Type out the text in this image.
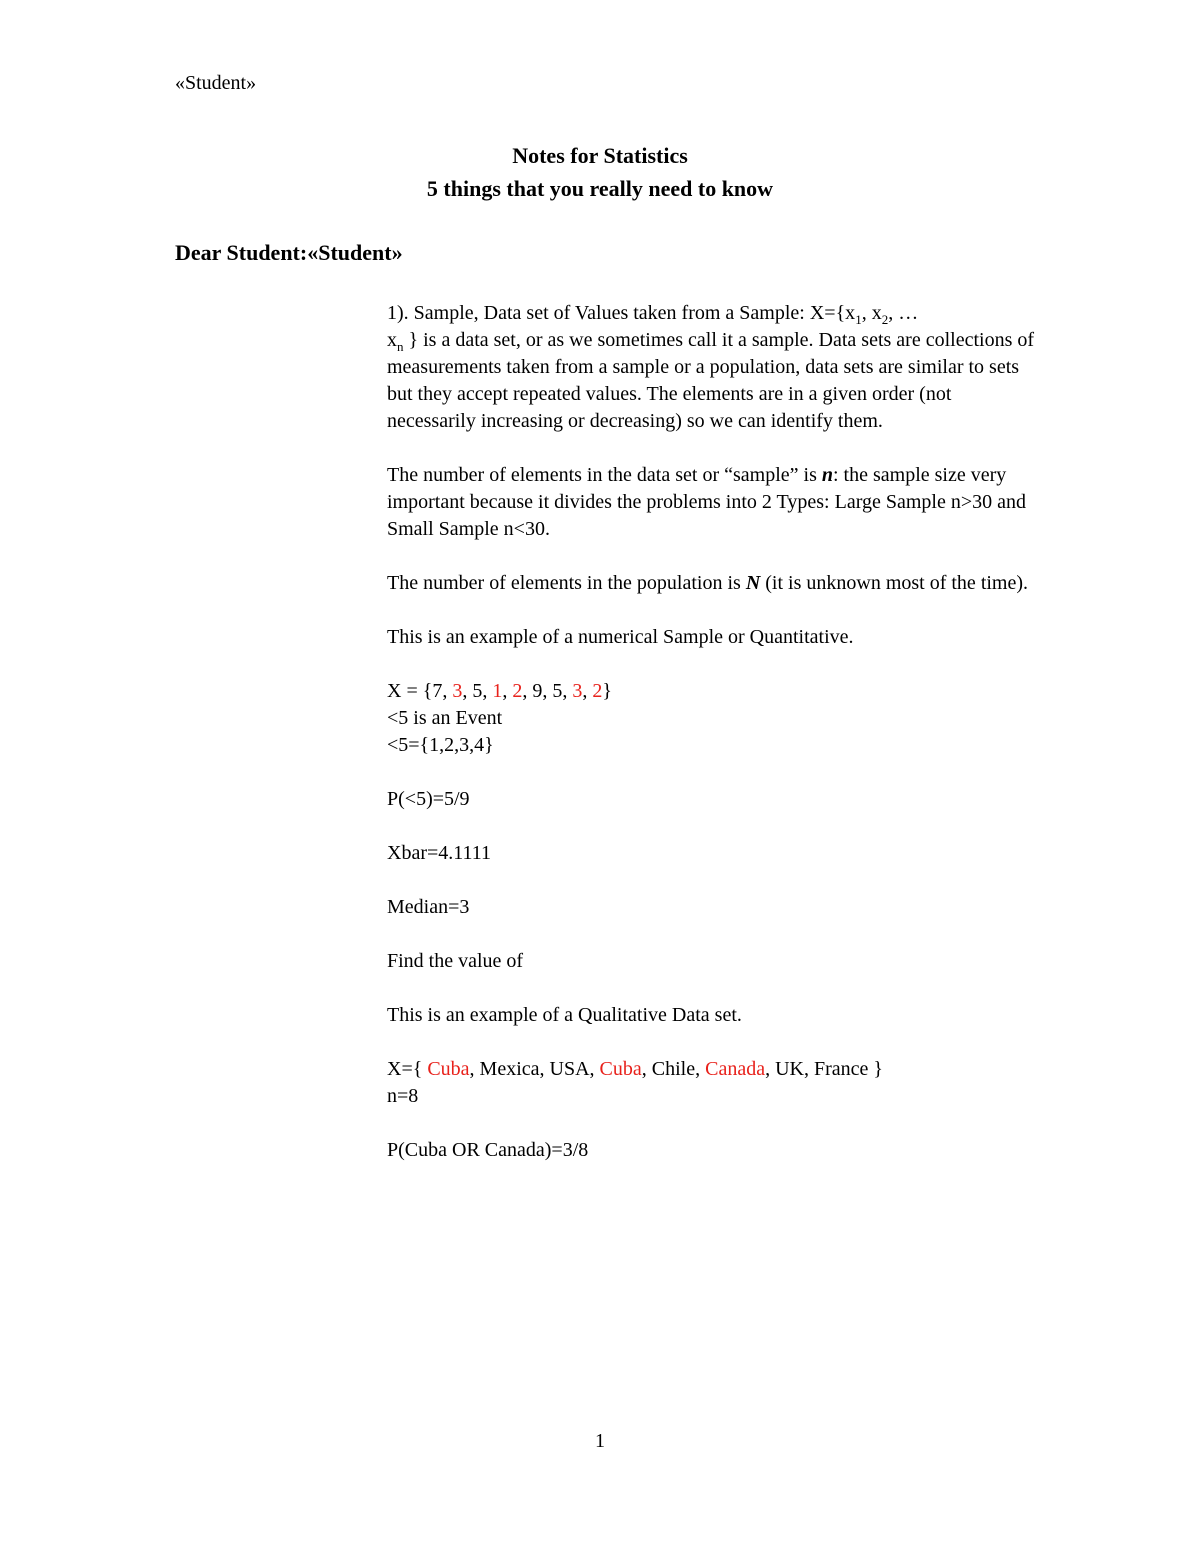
«Student»
Notes for Statistics
5 things that you really need to know
Dear Student:«Student»

1). Sample, Data set of Values taken from a Sample: $X=\{x_1$, $x_2$, …
$x_n$ } is a data set, or as we sometimes call it a sample. Data sets are collections of measurements taken from a sample or a population, data sets are similar to sets but they accept repeated values. The elements are in a given order (not necessarily increasing or decreasing) so we can identify them.

The number of elements in the data set or “sample” is n: the sample size very important because it divides the problems into 2 Types: Large Sample n>30 and Small Sample n<30.

The number of elements in the population is N (it is unknown most of the time).

This is an example of a numerical Sample or Quantitative.

X = {7, 3, 5, 1, 2, 9, 5, 3, 2}

<5 is an Event

<5={1,2,3,4}

P(<5)=5/9

Xbar=4.1111

Median=3

Find the value of

This is an example of a Qualitative Data set.

X={ Cuba, Mexica, USA, Cuba, Chile, Canada, UK, France }

n=8

P(Cuba OR Canada)=3/8

1
